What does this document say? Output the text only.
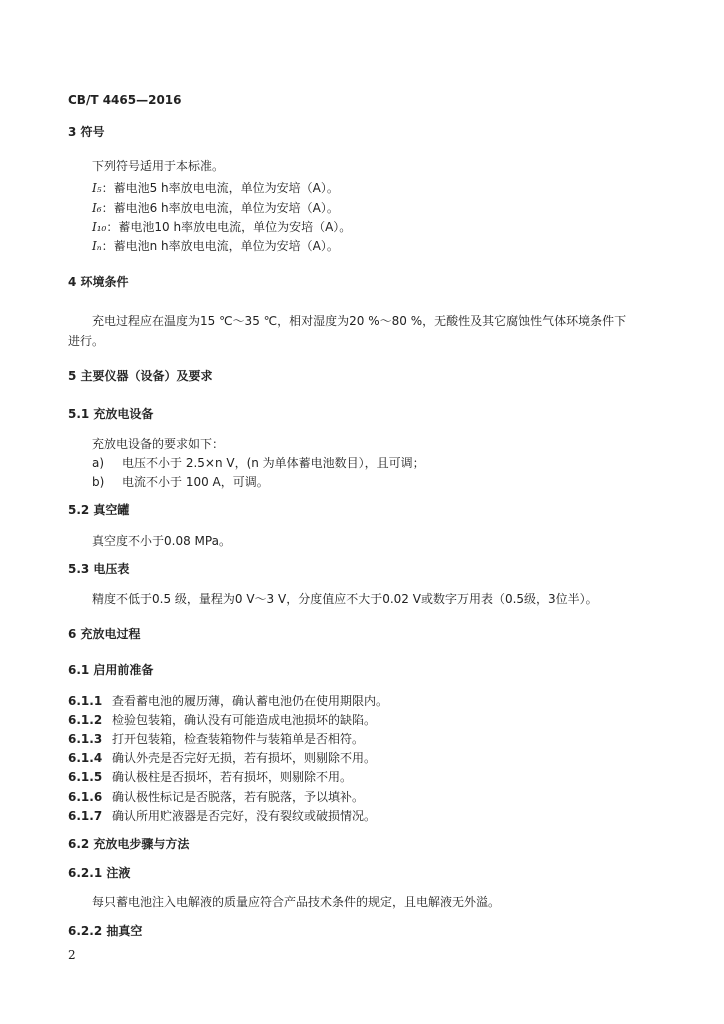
CB/T 4465—2016
3 符号
下列符号适用于本标准。
I₅：蓄电池5 h率放电电流，单位为安培（A）。
I₆：蓄电池6 h率放电电流，单位为安培（A）。
I₁₀：蓄电池10 h率放电电流，单位为安培（A）。
Iₙ：蓄电池n h率放电电流，单位为安培（A）。
4 环境条件
充电过程应在温度为15 ℃～35 ℃，相对湿度为20 %～80 %，无酸性及其它腐蚀性气体环境条件下
进行。
5 主要仪器（设备）及要求
5.1 充放电设备
充放电设备的要求如下：
a) 电压不小于 2.5×n V，(n 为单体蓄电池数目），且可调；
b) 电流不小于 100 A，可调。
5.2 真空罐
真空度不小于0.08 MPa。
5.3 电压表
精度不低于0.5 级，量程为0 V～3 V，分度值应不大于0.02 V或数字万用表（0.5级，3位半）。
6 充放电过程
6.1 启用前准备
6.1.1 查看蓄电池的履历薄，确认蓄电池仍在使用期限内。
6.1.2 检验包装箱，确认没有可能造成电池损坏的缺陷。
6.1.3 打开包装箱，检查装箱物件与装箱单是否相符。
6.1.4 确认外壳是否完好无损，若有损坏，则剔除不用。
6.1.5 确认极柱是否损坏，若有损坏，则剔除不用。
6.1.6 确认极性标记是否脱落，若有脱落，予以填补。
6.1.7 确认所用贮液器是否完好，没有裂纹或破损情况。
6.2 充放电步骤与方法
6.2.1 注液
每只蓄电池注入电解液的质量应符合产品技术条件的规定，且电解液无外溢。
6.2.2 抽真空
2
